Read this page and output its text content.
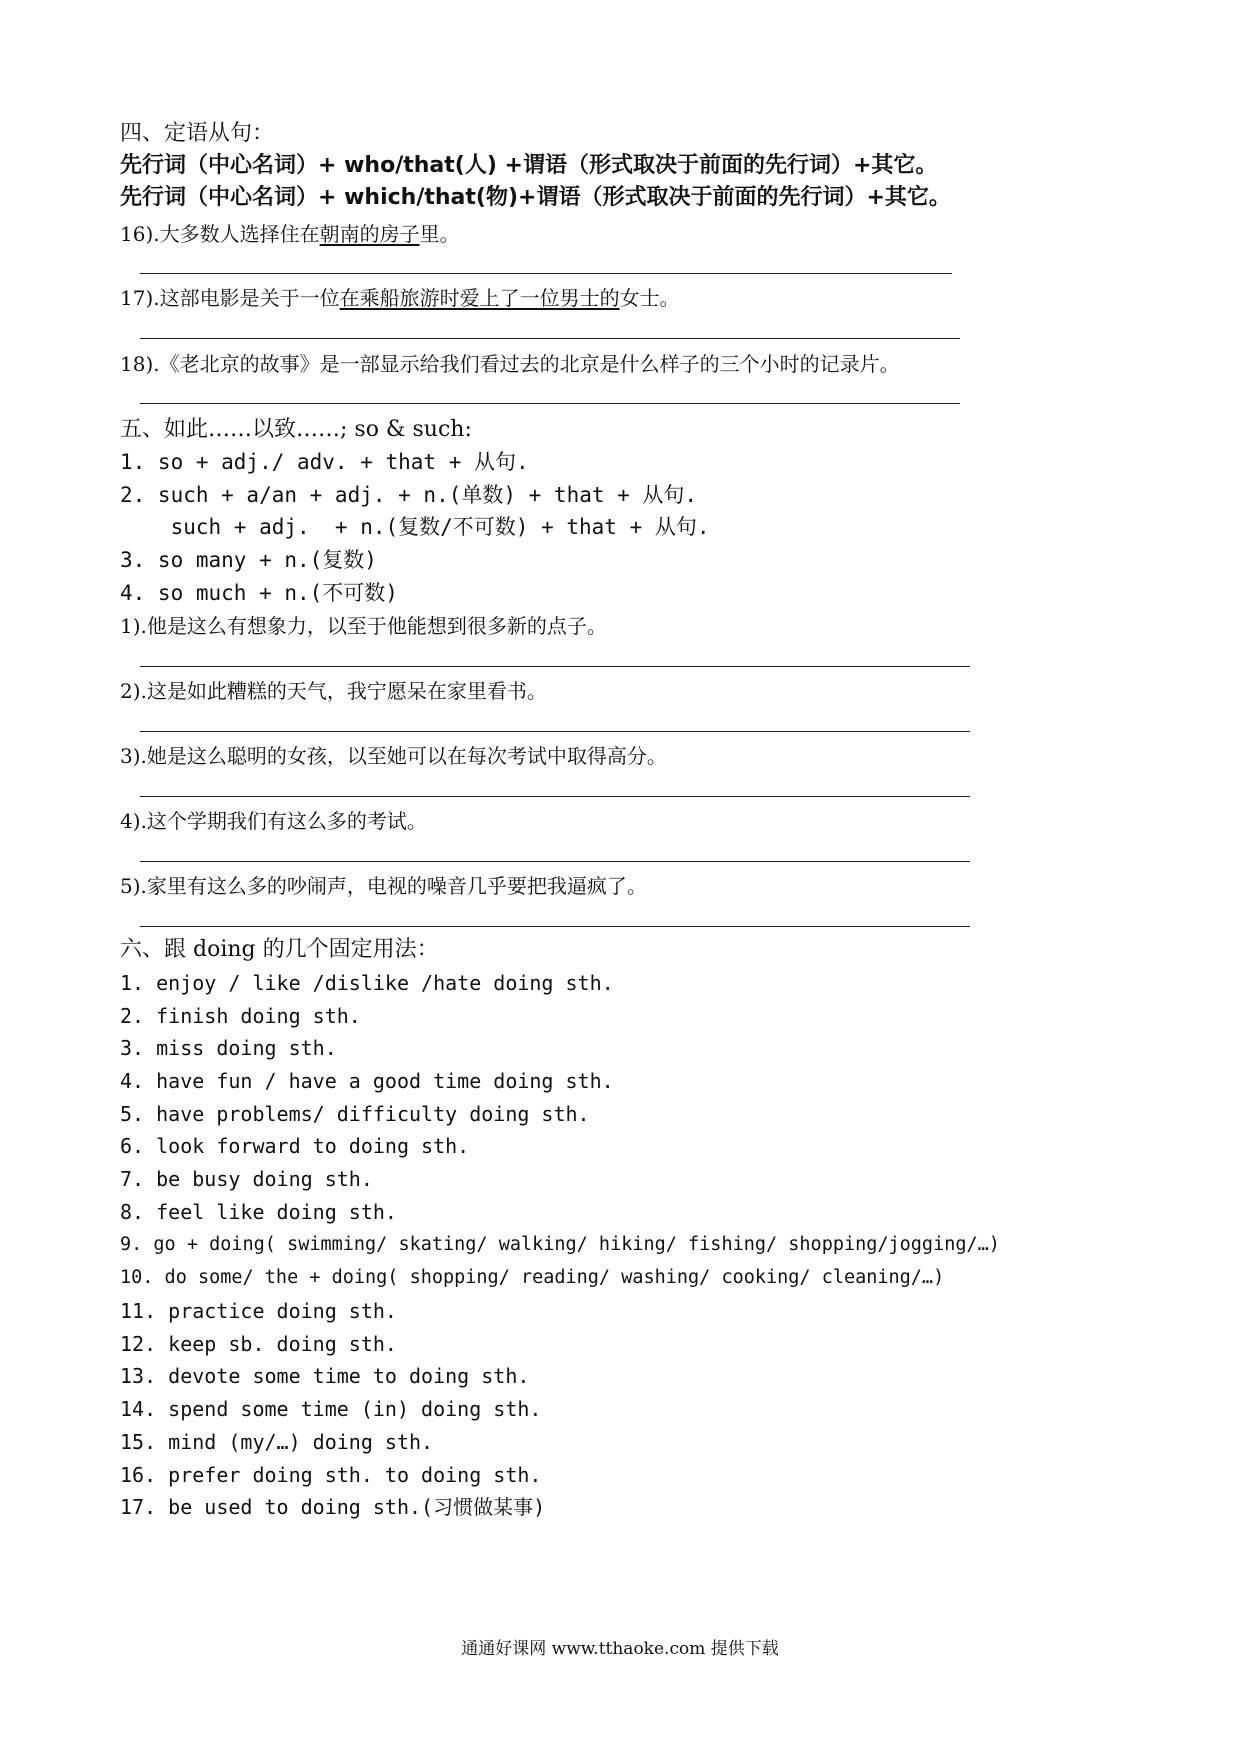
四、定语从句：
先行词（中心名词）+ who/that(人) +谓语（形式取决于前面的先行词）+其它。
先行词（中心名词）+ which/that(物)+谓语（形式取决于前面的先行词）+其它。
16).大多数人选择住在朝南的房子里。
17).这部电影是关于一位在乘船旅游时爱上了一位男士的女士。
18).《老北京的故事》是一部显示给我们看过去的北京是什么样子的三个小时的记录片。
五、如此……以致……; so & such:
1. so + adj./ adv. + that + 从句.
2. such + a/an + adj. + n.(单数) + that + 从句.
such + adj.  + n.(复数/不可数) + that + 从句.
3. so many + n.(复数)
4. so much + n.(不可数)
1).他是这么有想象力，以至于他能想到很多新的点子。
2).这是如此糟糕的天气，我宁愿呆在家里看书。
3).她是这么聪明的女孩，以至她可以在每次考试中取得高分。
4).这个学期我们有这么多的考试。
5).家里有这么多的吵闹声，电视的噪音几乎要把我逼疯了。
六、跟 doing 的几个固定用法：
1. enjoy / like /dislike /hate doing sth.
2. finish doing sth.
3. miss doing sth.
4. have fun / have a good time doing sth.
5. have problems/ difficulty doing sth.
6. look forward to doing sth.
7. be busy doing sth.
8. feel like doing sth.
9. go + doing( swimming/ skating/ walking/ hiking/ fishing/ shopping/jogging/…)
10. do some/ the + doing( shopping/ reading/ washing/ cooking/ cleaning/…)
11. practice doing sth.
12. keep sb. doing sth.
13. devote some time to doing sth.
14. spend some time (in) doing sth.
15. mind (my/…) doing sth.
16. prefer doing sth. to doing sth.
17. be used to doing sth.(习惯做某事)
通通好课网 www.tthaoke.com 提供下载
